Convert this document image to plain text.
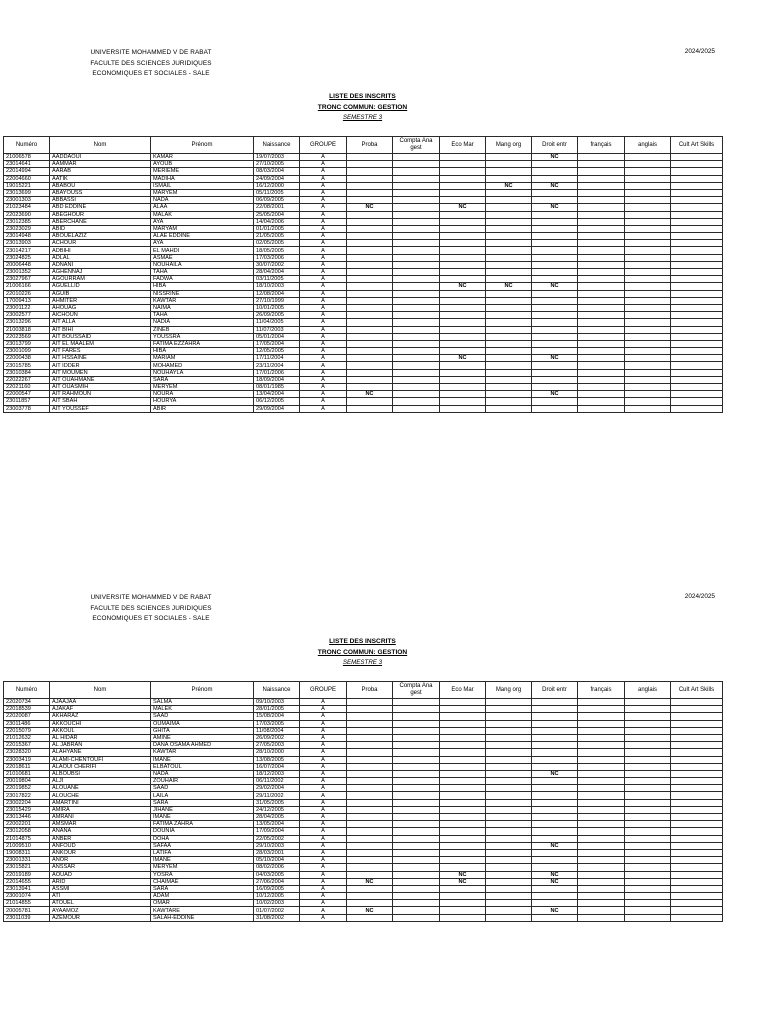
UNIVERSITE MOHAMMED V DE RABAT
FACULTE DES SCIENCES JURIDIQUES
ECONOMIQUES ET SOCIALES - SALE
2024/2025
LISTE DES INSCRITS
TRONC COMMUN: GESTION
SEMESTRE 3
Numéro	Nom	Prénom	Naissance	GROUPE	Proba	Compta Ana gest	Eco Mar	Mang org	Droit entr	français	anglais	Cult Art Skills
21006578	AADDAOUI	KAMAR	19/07/2003	A					NC			
23014641	AAMMAR	AYOUB	27/10/2005	A								
22014994	AARAB	MERIEME	08/03/2004	A								
22004660	AATIK	MADIHA	24/09/2004	A								
19015221	ABABOU	ISMAIL	16/12/2000	A				NC	NC			
23013699	ABAYOUSS	MARYEM	05/11/2005	A								
23001303	ABBASSI	NADA	06/09/2005	A								
21023484	ABD EDDINE	ALAA	22/08/2001	A	NC		NC		NC			
22023690	ABEGHOUR	MALAK	25/05/2004	A								
23012385	ABERCHANE	AYA	14/04/2006	A								
23023029	ABID	MARYAM	01/01/2005	A								
23014948	ABOUELAZIZ	ALAE EDDINE	21/05/2005	A								
23013903	ACHOUR	AYA	02/05/2005	A								
23014217	ADBIHI	EL MAHDI	18/05/2005	A								
23024825	ADLAL	ASMAE	17/03/2006	A								
20006448	ADNANI	NOUHAILA	30/07/2002	A								
23001352	AGHENNAJ	TAHA	28/04/2004	A								
23027967	AGOURRAM	FADWA	03/11/2005	A								
21006166	AGUELLID	HIBA	18/10/2003	A			NC	NC	NC			
22010226	AGUIB	NISSRINE	12/08/2004	A								
17009413	AHMITER	KAWTAR	27/10/1999	A								
23001122	AHOUAG	NAIMA	10/01/2005	A								
23002577	AICHOUN	TAHA	26/09/2005	A								
23013296	AIT ALLA	NADIA	11/04/2005	A								
21003818	AIT BIHI	ZINEB	11/07/2003	A								
22023569	AIT BOUSSAID	YOUSSRA	05/01/2004	A								
23013799	AIT EL MAALEM	FATIMA EZZAHRA	17/05/2004	A								
23001099	AIT FARES	HIBA	12/05/2005	A								
22000438	AIT HSSAINE	MARIAM	17/11/2004	A			NC		NC			
23015785	AIT IDDER	MOHAMED	23/11/2004	A								
23010384	AIT MOUMEN	NOUHAYLA	17/01/2006	A								
22022267	AIT OUAHMANE	SARA	18/09/2004	A								
22021160	AIT OUASMIH	MERYEM	08/01/1985	A								
22000547	AIT RAHMOUN	NOURA	13/04/2004	A	NC				NC			
23011857	AIT SBAH	HOURYA	06/12/2005	A								
23003778	AIT YOUSSEF	ABIR	29/09/2004	A								
UNIVERSITE MOHAMMED V DE RABAT
FACULTE DES SCIENCES JURIDIQUES
ECONOMIQUES ET SOCIALES - SALE
2024/2025
LISTE DES INSCRITS
TRONC COMMUN: GESTION
SEMESTRE 3
Numéro	Nom	Prénom	Naissance	GROUPE	Proba	Compta Ana gest	Eco Mar	Mang org	Droit entr	français	anglais	Cult Art Skills
22020734	AJAAJAA	SALMA	09/10/2003	A								
22018539	AJAKAF	MALEK	28/01/2005	A								
22020087	AKHARAZ	SAAD	15/08/2004	A								
23011486	AKKOUCHI	OUMAIMA	17/03/2005	A								
22015079	AKKOUL	GHITA	11/08/2004	A								
21012632	AL HIDAR	AMINE	26/09/2002	A								
22015367	AL JABRAN	DANA OSAMA AHMED	27/05/2003	A								
23028320	ALAHYANE	KAWTAR	28/10/2000	A								
23003419	ALAMI-CHENTOUFI	IMANE	13/08/2005	A								
22018611	ALAOUI CHERIFI	ELBATOUL	16/07/2004	A								
21010681	ALBOUBSI	NADA	18/12/2003	A					NC			
20019804	ALJI	ZOUHAIR	06/11/2002	A								
22019852	ALOUANE	SAAD	29/02/2004	A								
23017822	ALOUCHE	LAILA	29/11/2002	A								
23002204	AMARTINI	SARA	31/05/2005	A								
23015429	AMIRA	JIHANE	24/12/2005	A								
23013446	AMRANI	IMANE	28/04/2005	A								
22002201	AMSMAR	FATIMA ZAHRA	13/05/2004	A								
23012058	ANANA	DOUNIA	17/09/2004	A								
21014875	ANBER	DOHA	22/05/2002	A								
21009510	ANFOUD	SAFAA	29/10/2003	A					NC			
19008311	ANKOUR	LATIFA	28/03/2001	A								
23001331	ANOR	IMANE	05/10/2004	A								
23015821	ANSSAR	MERYEM	08/02/2006	A								
22019189	AOUAD	YOSRA	04/03/2005	A			NC		NC			
22014655	ARID	CHAIMAE	27/06/2004	A	NC		NC		NC			
23013941	ASSMI	SARA	16/09/2005	A								
23001074	ATI	ADAM	10/12/2005	A								
21014855	ATOUEL	OMAR	10/02/2003	A								
20005781	AYAAMOZ	KAWTARE	01/07/2002	A	NC				NC			
23011039	AZEMOUR	SALAH-EDDINE	31/08/2002	A								
